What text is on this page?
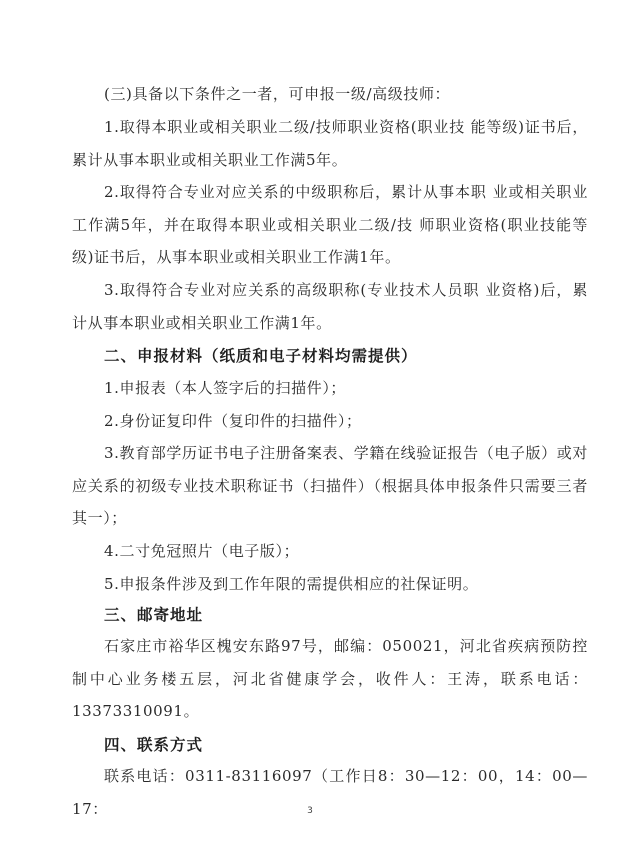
(三)具备以下条件之一者，可申报一级/高级技师：

1.取得本职业或相关职业二级/技师职业资格(职业技 能等级)证书后，累计从事本职业或相关职业工作满5年。

2.取得符合专业对应关系的中级职称后，累计从事本职 业或相关职业工作满5年，并在取得本职业或相关职业二级/技 师职业资格(职业技能等级)证书后，从事本职业或相关职业工作满1年。

3.取得符合专业对应关系的高级职称(专业技术人员职 业资格)后，累计从事本职业或相关职业工作满1年。

二、申报材料（纸质和电子材料均需提供）

1.申报表（本人签字后的扫描件）；

2.身份证复印件（复印件的扫描件）；

3.教育部学历证书电子注册备案表、学籍在线验证报告（电子版）或对应关系的初级专业技术职称证书（扫描件）（根据具体申报条件只需要三者其一）；

4.二寸免冠照片（电子版）；

5.申报条件涉及到工作年限的需提供相应的社保证明。

三、邮寄地址

石家庄市裕华区槐安东路97号，邮编：050021，河北省疾病预防控制中心业务楼五层，河北省健康学会，收件人：王涛，联系电话：13373310091。

四、联系方式

联系电话：0311-83116097（工作日8：30—12：00，14：00—17：	3
